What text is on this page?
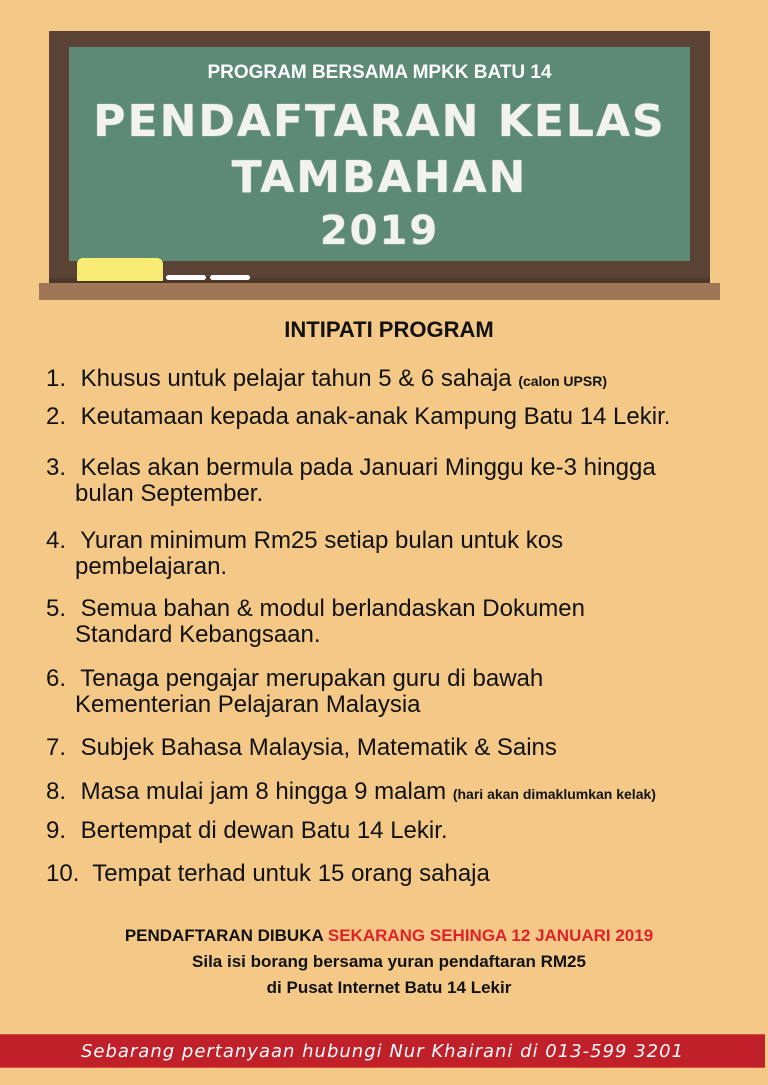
PROGRAM BERSAMA MPKK BATU 14
PENDAFTARAN KELAS
TAMBAHAN
2019
INTIPATI PROGRAM
1. Khusus untuk pelajar tahun 5 & 6 sahaja (calon UPSR)
2. Keutamaan kepada anak-anak Kampung Batu 14 Lekir.
3. Kelas akan bermula pada Januari Minggu ke-3 hingga
bulan September.
4. Yuran minimum Rm25 setiap bulan untuk kos
pembelajaran.
5. Semua bahan & modul berlandaskan Dokumen
Standard Kebangsaan.
6. Tenaga pengajar merupakan guru di bawah
Kementerian Pelajaran Malaysia
7. Subjek Bahasa Malaysia, Matematik & Sains
8. Masa mulai jam 8 hingga 9 malam (hari akan dimaklumkan kelak)
9. Bertempat di dewan Batu 14 Lekir.
10. Tempat terhad untuk 15 orang sahaja
PENDAFTARAN DIBUKA SEKARANG SEHINGA 12 JANUARI 2019
Sila isi borang bersama yuran pendaftaran RM25
di Pusat Internet Batu 14 Lekir
Sebarang pertanyaan hubungi Nur Khairani di 013-599 3201
